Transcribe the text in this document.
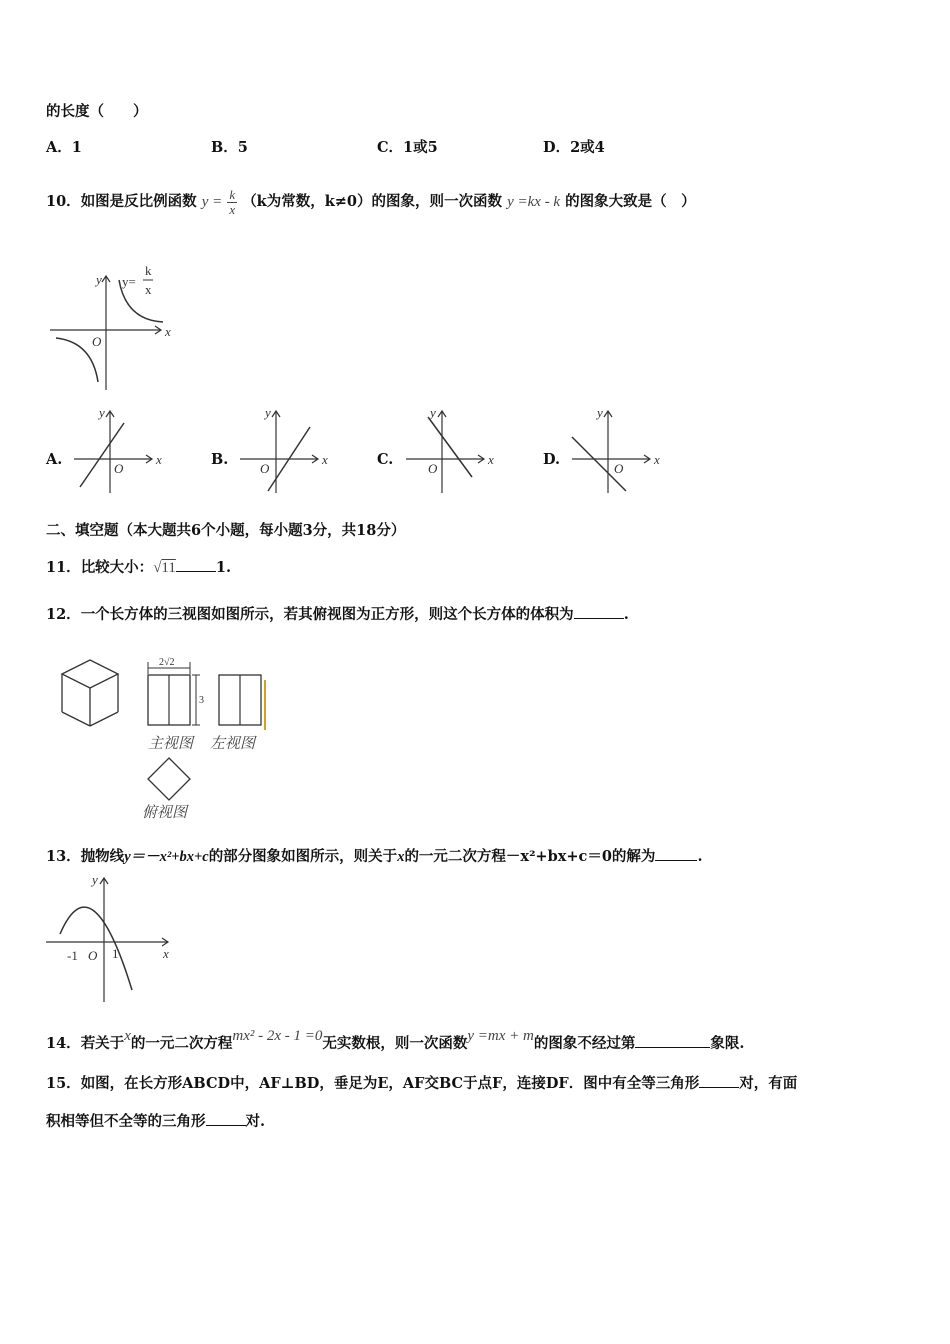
的长度（　　）
A．1	B．5	C．1或5	D．2或4
10．如图是反比例函数 $y = \frac{k}{x} (k$为常数，k≠0）的图象，则一次函数 y =kx - k 的图象大致是（　）
y
x
O
y=
k
x
A.
y
x
O
B.
y
x
O
C.
y
x
O
D.
y
x
O
二、填空题（本大题共6个小题，每小题3分，共18分）
11．比较大小：√11	1.
12．一个长方体的三视图如图所示，若其俯视图为正方形，则这个长方体的体积为	.
2√2
3
主视图 左视图
俯视图
13．抛物线y＝－x²+bx+c的部分图象如图所示，则关于x的一元二次方程－x²+bx+c＝0的解为	.
y
x
O
-1	1
14．若关于x的一元二次方程mx² - 2x - 1 =0无实数根，则一次函数y =mx + m的图象不经过第	象限.
15．如图，在长方形ABCD中，AF⊥BD，垂足为E，AF交BC于点F，连接DF．图中有全等三角形	对，有面
积相等但不全等的三角形	对.
